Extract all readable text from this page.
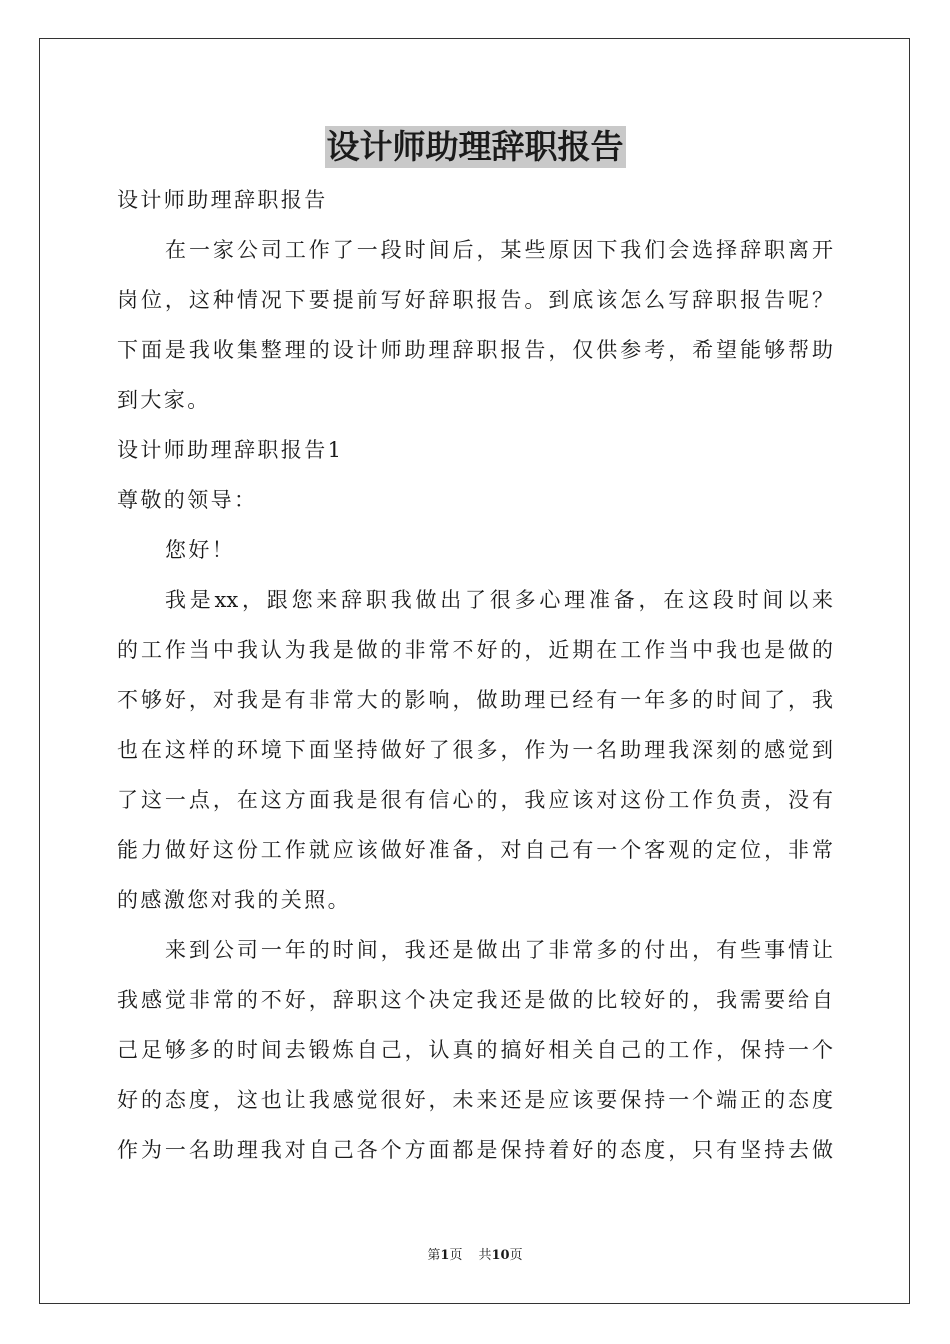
设计师助理辞职报告
设计师助理辞职报告
在一家公司工作了一段时间后，某些原因下我们会选择辞职离开
岗位，这种情况下要提前写好辞职报告。到底该怎么写辞职报告呢？
下面是我收集整理的设计师助理辞职报告，仅供参考，希望能够帮助
到大家。
设计师助理辞职报告1
尊敬的领导：
您好！
我是xx，跟您来辞职我做出了很多心理准备，在这段时间以来
的工作当中我认为我是做的非常不好的，近期在工作当中我也是做的
不够好，对我是有非常大的影响，做助理已经有一年多的时间了，我
也在这样的环境下面坚持做好了很多，作为一名助理我深刻的感觉到
了这一点，在这方面我是很有信心的，我应该对这份工作负责，没有
能力做好这份工作就应该做好准备，对自己有一个客观的定位，非常
的感激您对我的关照。
来到公司一年的时间，我还是做出了非常多的付出，有些事情让
我感觉非常的不好，辞职这个决定我还是做的比较好的，我需要给自
己足够多的时间去锻炼自己，认真的搞好相关自己的工作，保持一个
好的态度，这也让我感觉很好，未来还是应该要保持一个端正的态度
作为一名助理我对自己各个方面都是保持着好的态度，只有坚持去做
第1页 共10页
